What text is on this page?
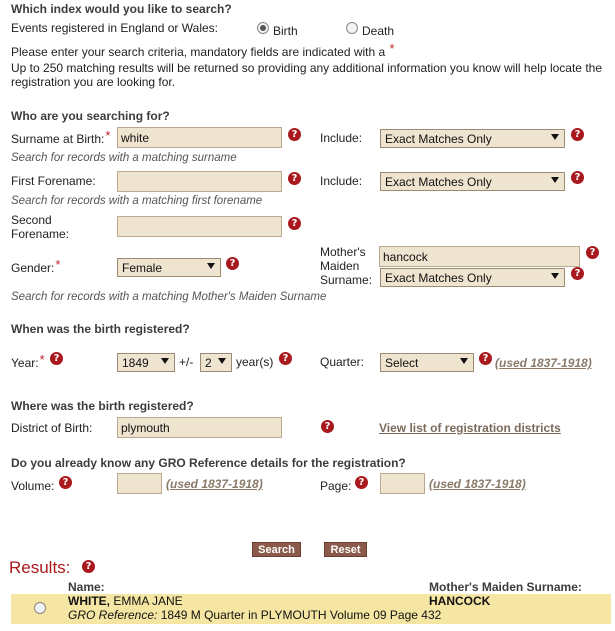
Which index would you like to search?
Events registered in England or Wales:	Birth	Death
Please enter your search criteria, mandatory fields are indicated with a *
Up to 250 matching results will be returned so providing any additional information you know will help locate the
registration you are looking for.
Who are you searching for?
Surname at Birth:* white	? Include:	Exact Matches Only	?
Search for records with a matching surname
First Forename:	? Include:	Exact Matches Only	?
Search for records with a matching first forename
Second
Forename:
?
Gender:*	Female	?
Mother's
Maiden
Surname:
hancock	?
Exact Matches Only	?
Search for records with a matching Mother's Maiden Surname
When was the birth registered?
Year:* ?	1849	+/- 2	year(s) ?	Quarter:	Select	? (used 1837-1918)
Where was the birth registered?
District of Birth:	plymouth	?	View list of registration districts
Do you already know any GRO Reference details for the registration?
Volume: ?	(used 1837-1918)	Page: ?	(used 1837-1918)
Search	Reset
Results:	?
Name:	Mother's Maiden Surname:
WHITE, EMMA JANE	HANCOCK
GRO Reference: 1849 M Quarter in PLYMOUTH Volume 09 Page 432
